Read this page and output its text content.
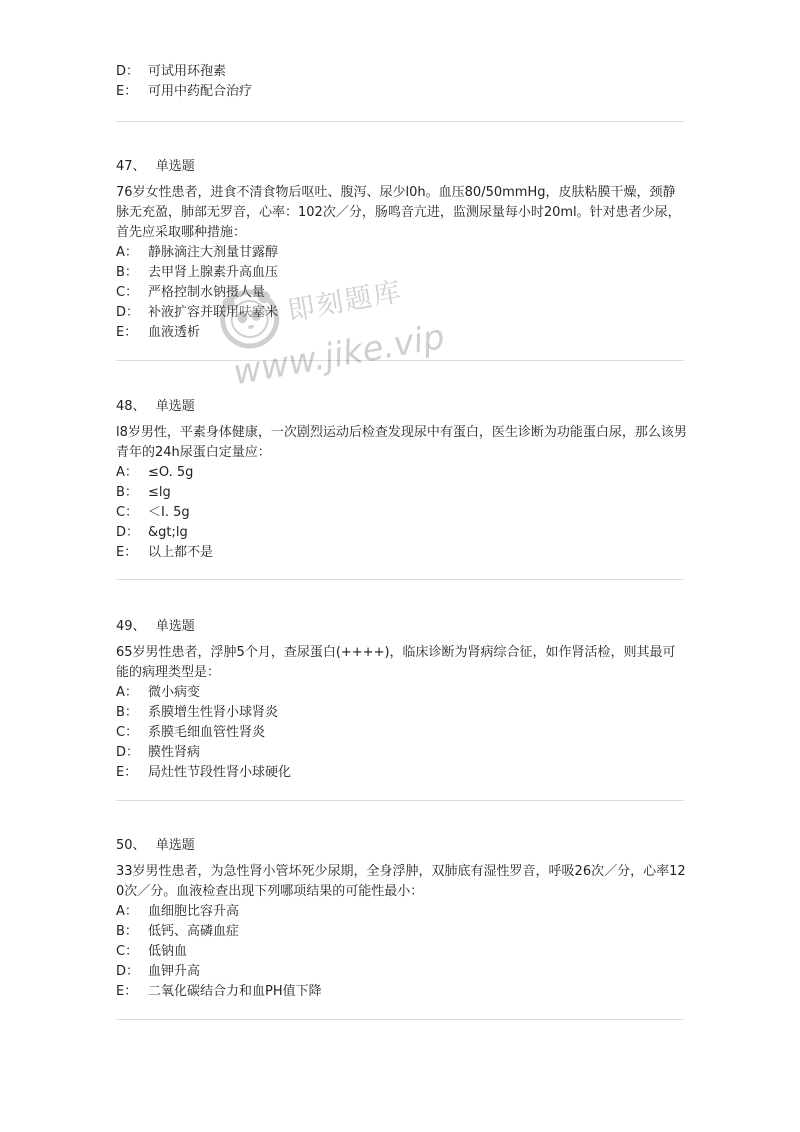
D： 可试用环孢素
E： 可用中药配合治疗
47、 单选题
76岁女性患者，进食不清食物后呕吐、腹泻、尿少l0h。血压80/50mmHg，皮肤粘膜干燥，颈静脉无充盈，肺部无罗音，心率：102次／分，肠鸣音亢进，监测尿量每小时20ml。针对患者少尿，首先应采取哪种措施：
A： 静脉滴注大剂量甘露醇
B： 去甲肾上腺素升高血压
C： 严格控制水钠摄人量
D： 补液扩容并联用呋塞米
E： 血液透析
48、 单选题
l8岁男性，平素身体健康，一次剧烈运动后检查发现尿中有蛋白，医生诊断为功能蛋白尿，那么该男青年的24h尿蛋白定量应：
A： ≤O. 5g
B： ≤lg
C： ＜I. 5g
D： &gt;lg
E： 以上都不是
49、 单选题
65岁男性患者，浮肿5个月，查尿蛋白(++++)，临床诊断为肾病综合征，如作肾活检，则其最可能的病理类型是：
A： 微小病变
B： 系膜增生性肾小球肾炎
C： 系膜毛细血管性肾炎
D： 膜性肾病
E： 局灶性节段性肾小球硬化
50、 单选题
33岁男性患者，为急性肾小管坏死少尿期，全身浮肿，双肺底有湿性罗音，呼吸26次／分，心率120次／分。血液检查出现下列哪项结果的可能性最小：
A： 血细胞比容升高
B： 低钙、高磷血症
C： 低钠血
D： 血钾升高
E： 二氧化碳结合力和血PH值下降
即刻题库
www.jike.vip
